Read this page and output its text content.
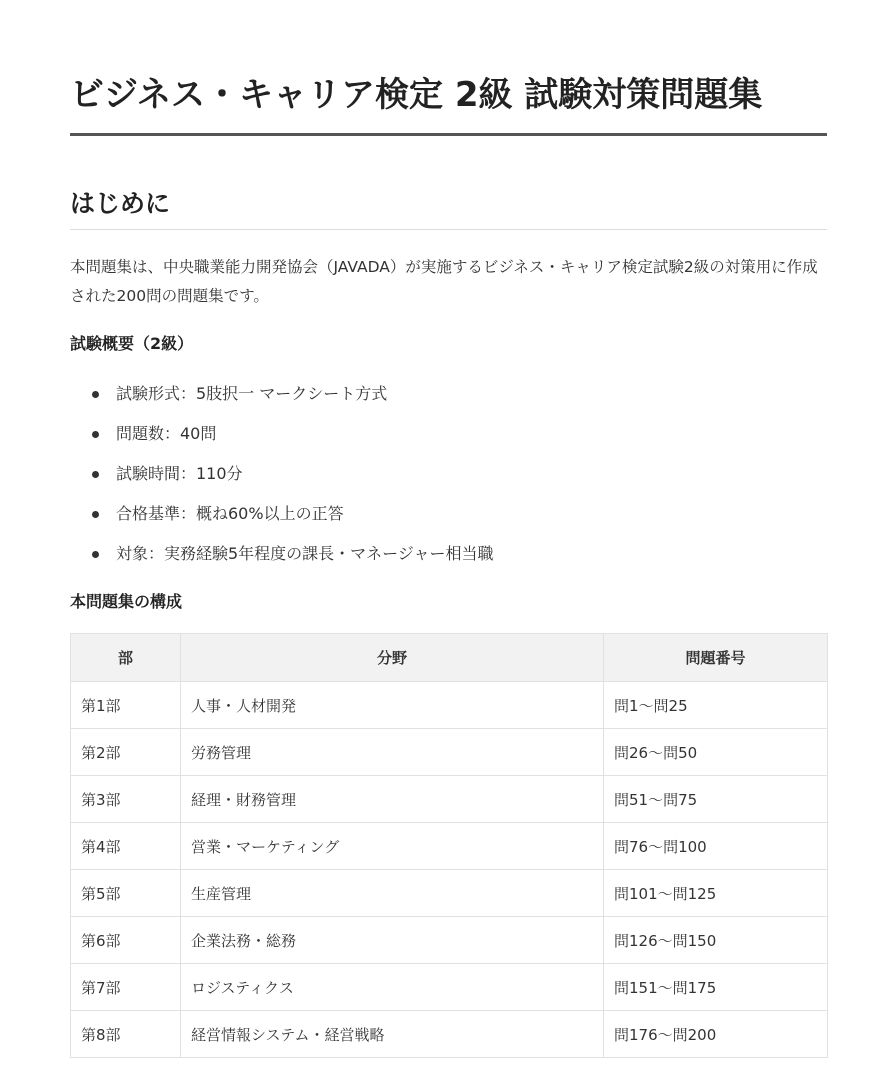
ビジネス・キャリア検定 2級 試験対策問題集
はじめに

本問題集は、中央職業能力開発協会（JAVADA）が実施するビジネス・キャリア検定試験2級の対策用に作成された200問の問題集です。

試験概要（2級）
試験形式：5肢択一 マークシート方式
問題数：40問
試験時間：110分
合格基準：概ね60%以上の正答
対象：実務経験5年程度の課長・マネージャー相当職
本問題集の構成
部	分野	問題番号
第1部	人事・人材開発	問1〜問25
第2部	労務管理	問26〜問50
第3部	経理・財務管理	問51〜問75
第4部	営業・マーケティング	問76〜問100
第5部	生産管理	問101〜問125
第6部	企業法務・総務	問126〜問150
第7部	ロジスティクス	問151〜問175
第8部	経営情報システム・経営戦略	問176〜問200
